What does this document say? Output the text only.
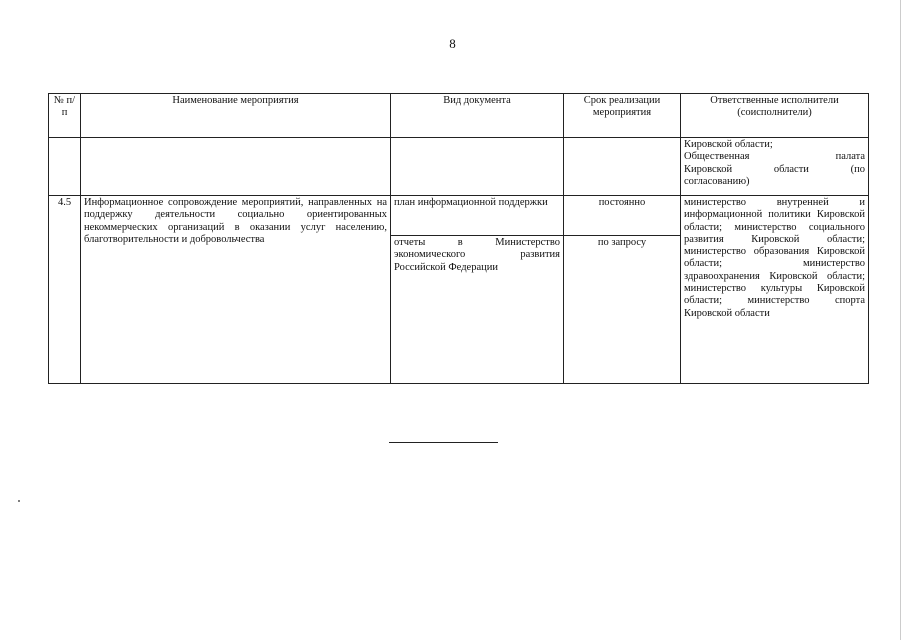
8
№ п/п	Наименование мероприятия	Вид документа	Срок реализации мероприятия	Ответственные исполнители (соисполнители)

				Кировской области;
Общественная палата
Кировской области (по
согласованию)

4.5	Информационное сопровождение мероприятий, направленных на поддержку деятельности социально ориентированных некоммерческих организаций в оказании услуг населению, благотворительности и добровольчества	план информационной поддержки	постоянно	министерство внутренней и информационной политики Кировской области; министерство социального развития Кировской области; министерство образования Кировской области; министерство здравоохранения Кировской области; министерство культуры Кировской области; министерство спорта Кировской области
		отчеты в Министерство экономического развития Российской Федерации	по запросу	
